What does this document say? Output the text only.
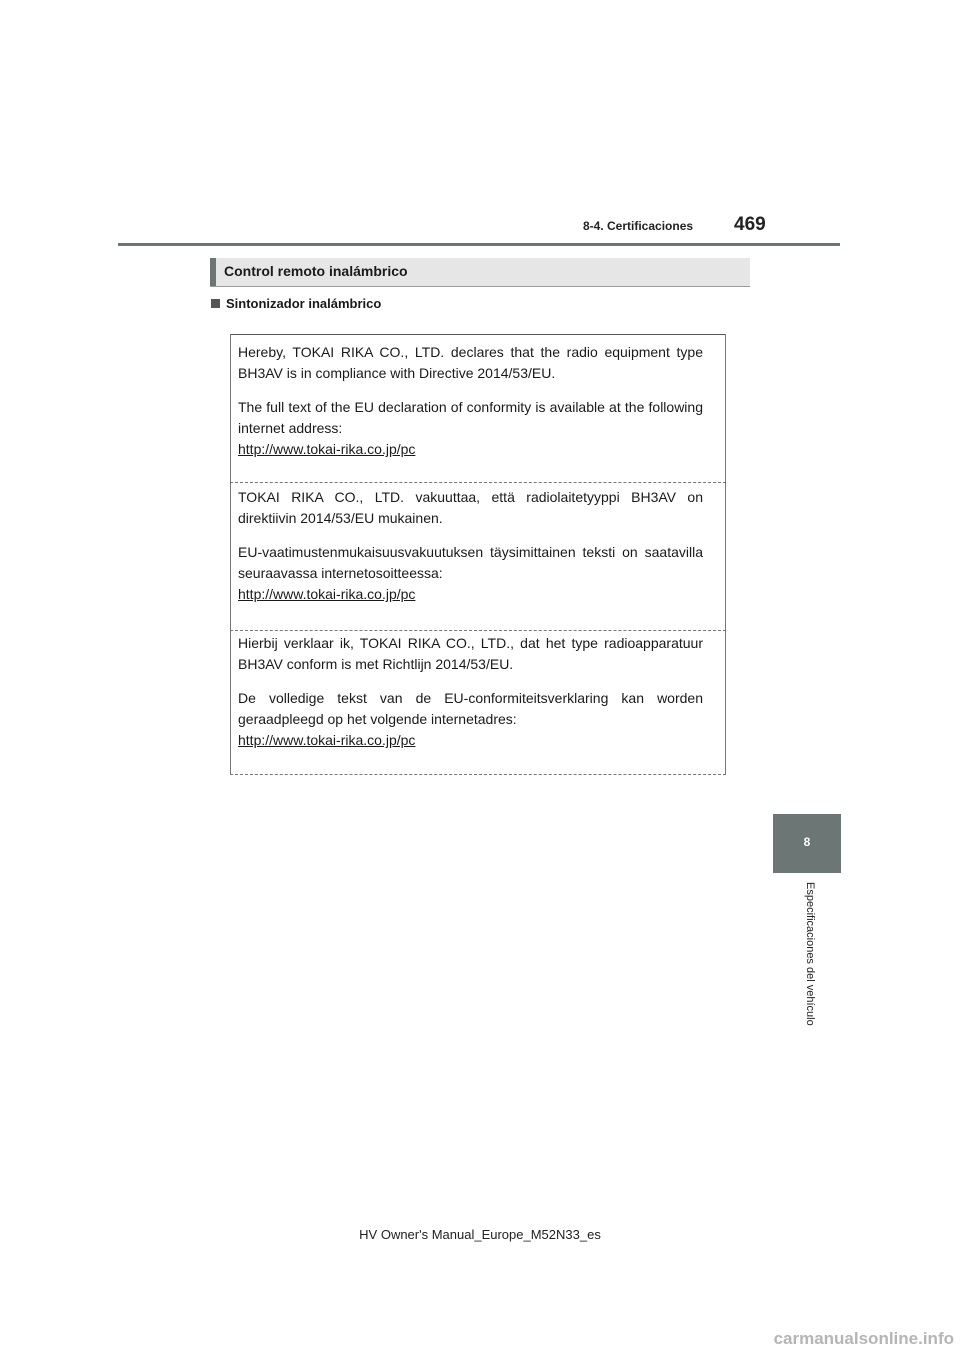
8-4. Certificaciones 469
Control remoto inalámbrico
Sintonizador inalámbrico

Hereby, TOKAI RIKA CO., LTD. declares that the radio equipment type BH3AV is in compliance with Directive 2014/53/EU.

The full text of the EU declaration of conformity is available at the following internet address:

http://www.tokai-rika.co.jp/pc

TOKAI RIKA CO., LTD. vakuuttaa, että radiolaitetyyppi BH3AV on direktiivin 2014/53/EU mukainen.

EU-vaatimustenmukaisuusvakuutuksen täysimittainen teksti on saatavilla seuraavassa internetosoitteessa:

http://www.tokai-rika.co.jp/pc

Hierbij verklaar ik, TOKAI RIKA CO., LTD., dat het type radioapparatuur BH3AV conform is met Richtlijn 2014/53/EU.

De volledige tekst van de EU-conformiteitsverklaring kan worden geraadpleegd op het volgende internetadres:

http://www.tokai-rika.co.jp/pc

8
Especificaciones del vehículo
HV Owner's Manual_Europe_M52N33_es
carmanualsonline.info
